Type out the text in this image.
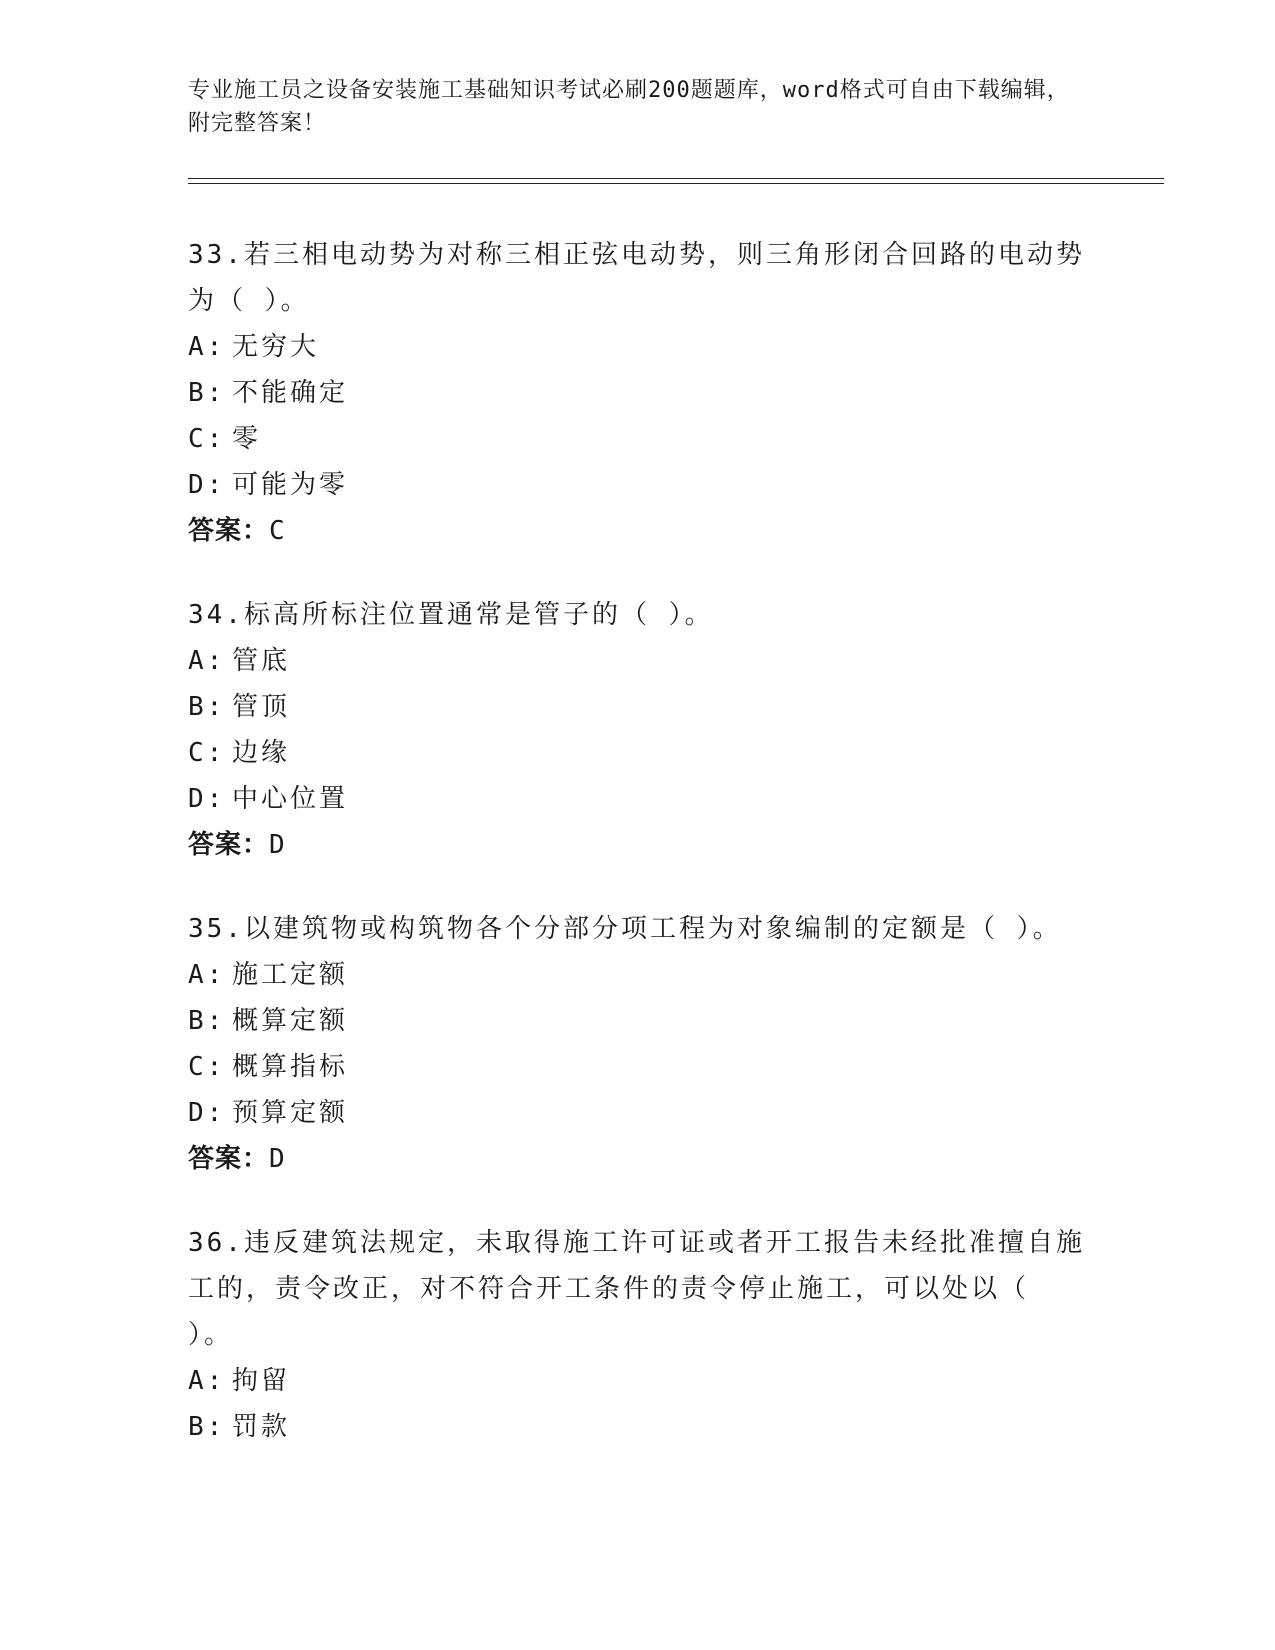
专业施工员之设备安装施工基础知识考试必刷200题题库，word格式可自由下载编辑，附完整答案！
33.若三相电动势为对称三相正弦电动势，则三角形闭合回路的电动势为（ ）。
A: 无穷大
B: 不能确定
C: 零
D: 可能为零
答案：C
34.标高所标注位置通常是管子的（ ）。
A: 管底
B: 管顶
C: 边缘
D: 中心位置
答案：D
35.以建筑物或构筑物各个分部分项工程为对象编制的定额是（ ）。
A: 施工定额
B: 概算定额
C: 概算指标
D: 预算定额
答案：D
36.违反建筑法规定，未取得施工许可证或者开工报告未经批准擅自施工的，责令改正，对不符合开工条件的责令停止施工，可以处以（ ）。
A: 拘留
B: 罚款
